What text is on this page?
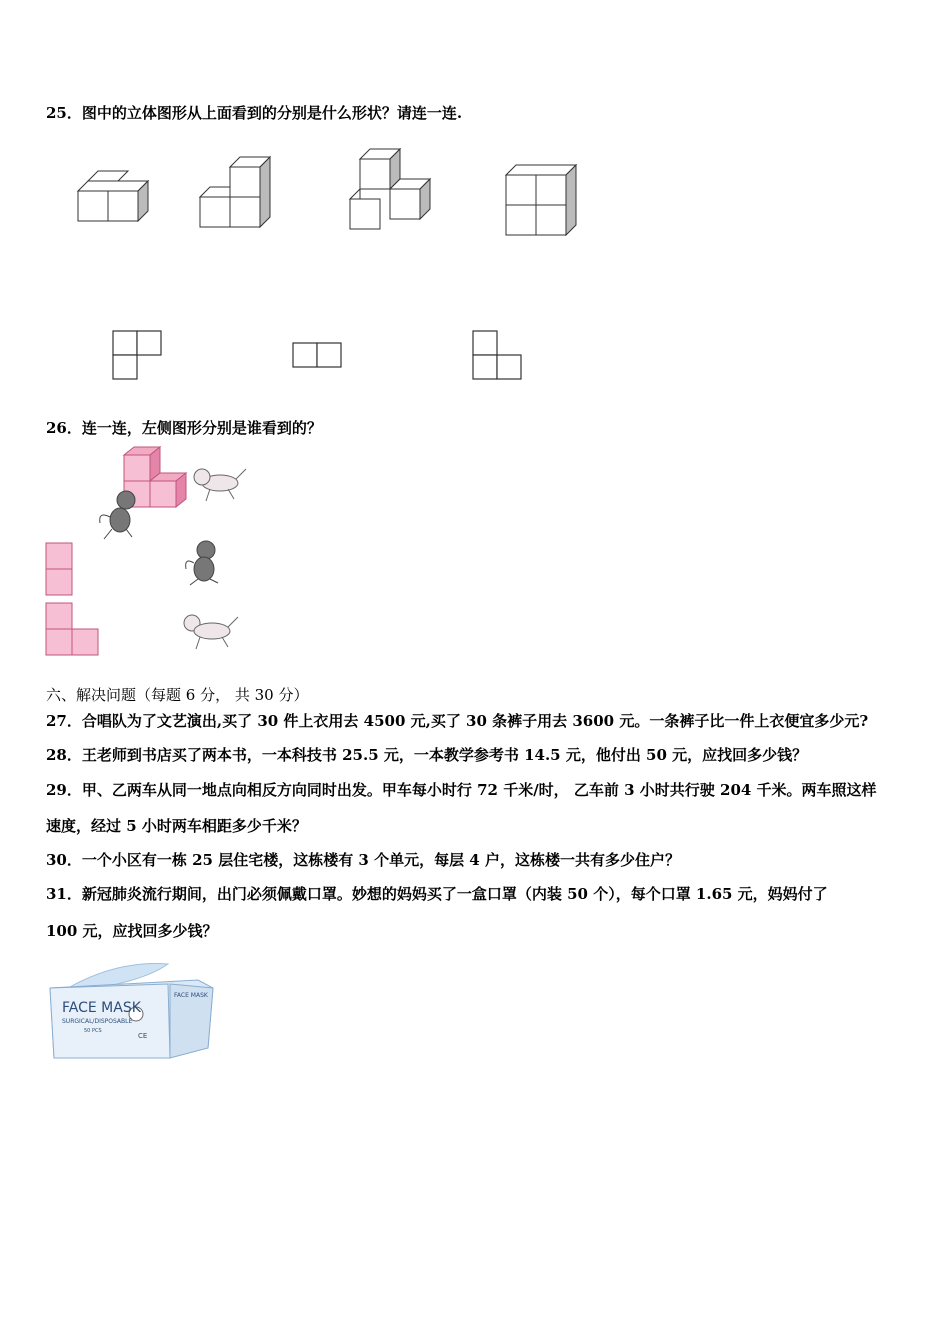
25．图中的立体图形从上面看到的分别是什么形状？请连一连.
26．连一连，左侧图形分别是谁看到的？
六、解决问题（每题 6 分， 共 30 分）
27．合唱队为了文艺演出,买了 30 件上衣用去 4500 元,买了 30 条裤子用去 3600 元。一条裤子比一件上衣便宜多少元?
28．王老师到书店买了两本书，一本科技书 25.5 元，一本教学参考书 14.5 元，他付出 50 元，应找回多少钱？
29．甲、乙两车从同一地点向相反方向同时出发。甲车每小时行 72 千米/时， 乙车前 3 小时共行驶 204 千米。两车照这样
速度，经过 5 小时两车相距多少千米？
30．一个小区有一栋 25 层住宅楼，这栋楼有 3 个单元，每层 4 户，这栋楼一共有多少住户？
31．新冠肺炎流行期间，出门必须佩戴口罩。妙想的妈妈买了一盒口罩（内装 50 个），每个口罩 1.65 元，妈妈付了
100 元，应找回多少钱？
FACE MASK
SURGICAL/DISPOSABLE
50 PCS
CE
FACE MASK
